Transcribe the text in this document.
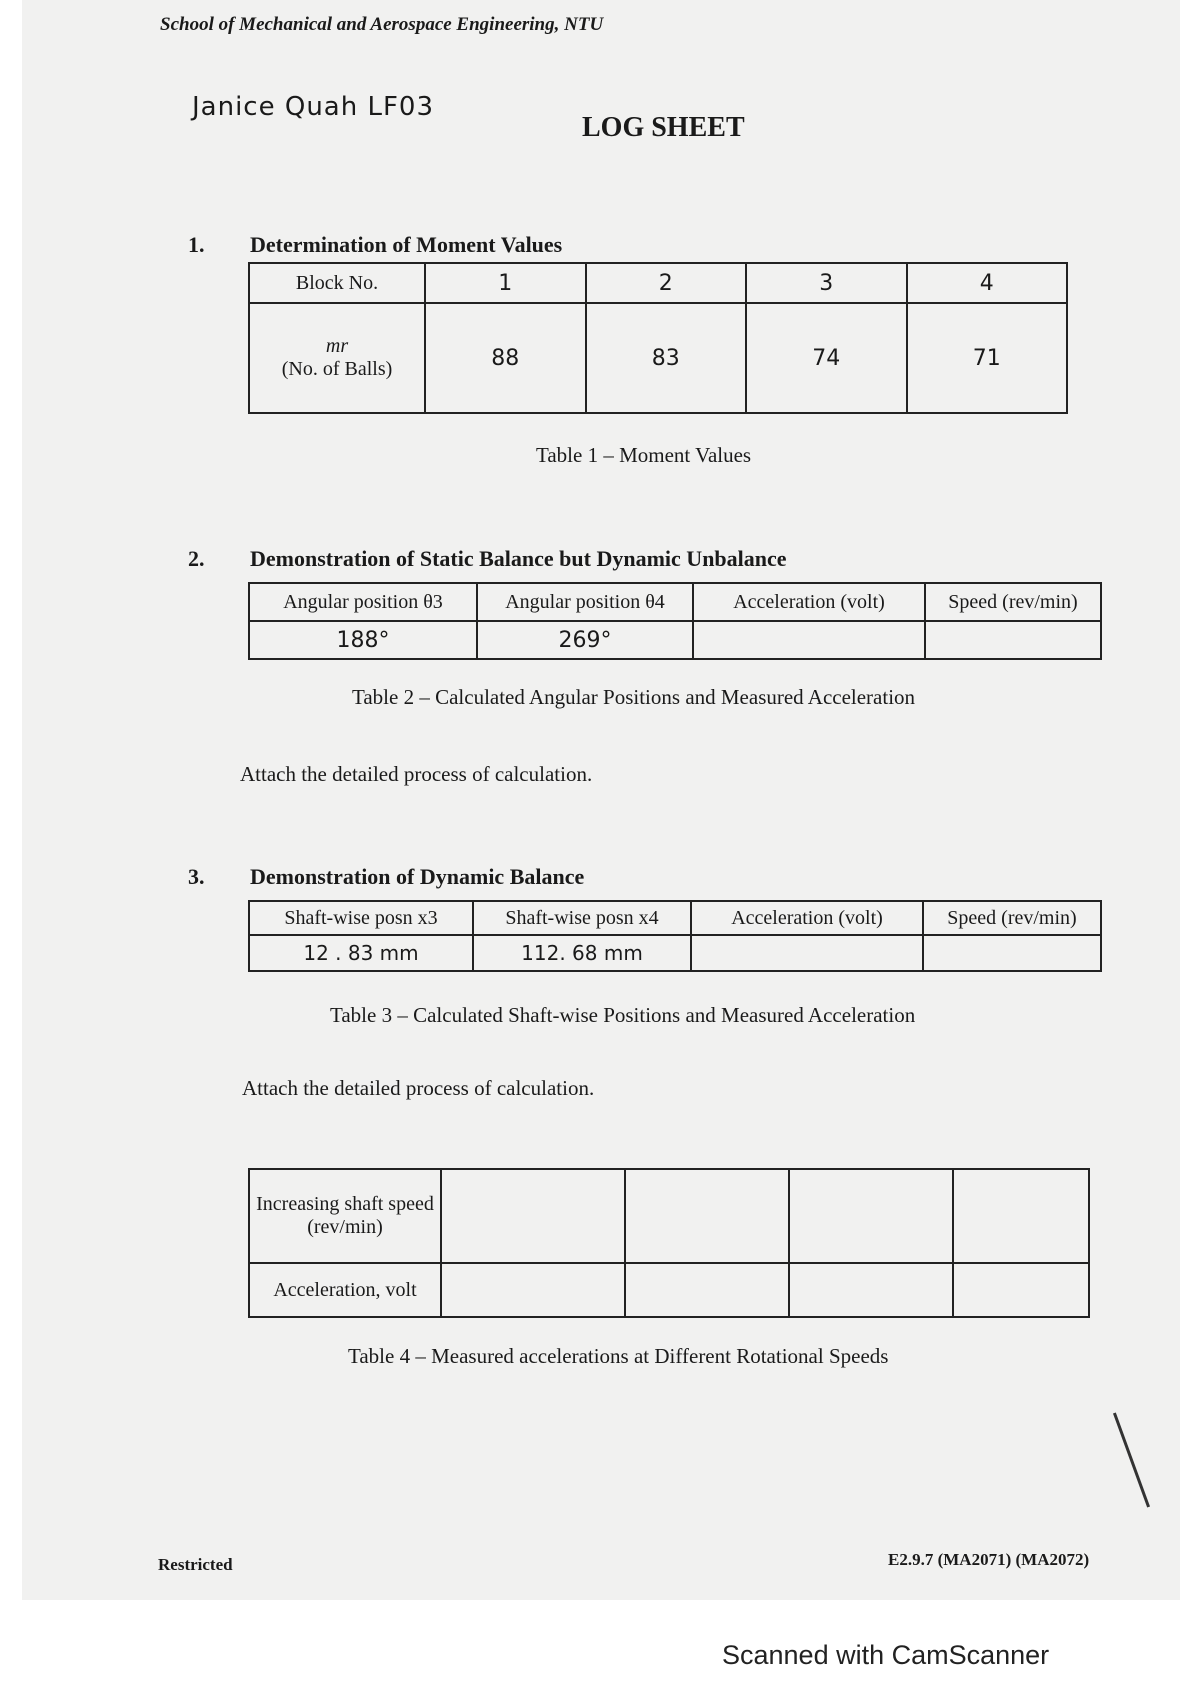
School of Mechanical and Aerospace Engineering, NTU
Janice Quah LF03
LOG SHEET
1. Determination of Moment Values
Block No.	1	2	3	4

mr
(No. of Balls)	88	83	74	71
Table 1 – Moment Values
2. Demonstration of Static Balance but Dynamic Unbalance
Angular position θ3	Angular position θ4	Acceleration (volt)	Speed (rev/min)
188°	269°		
Table 2 – Calculated Angular Positions and Measured Acceleration
Attach the detailed process of calculation.
3. Demonstration of Dynamic Balance
Shaft-wise posn x3	Shaft-wise posn x4	Acceleration (volt)	Speed (rev/min)
12 . 83 mm	112. 68 mm		
Table 3 – Calculated Shaft-wise Positions and Measured Acceleration
Attach the detailed process of calculation.
Increasing shaft speed (rev/min)				
Acceleration, volt				
Table 4 – Measured accelerations at Different Rotational Speeds
Restricted	E2.9.7 (MA2071) (MA2072)
Scanned with CamScanner
